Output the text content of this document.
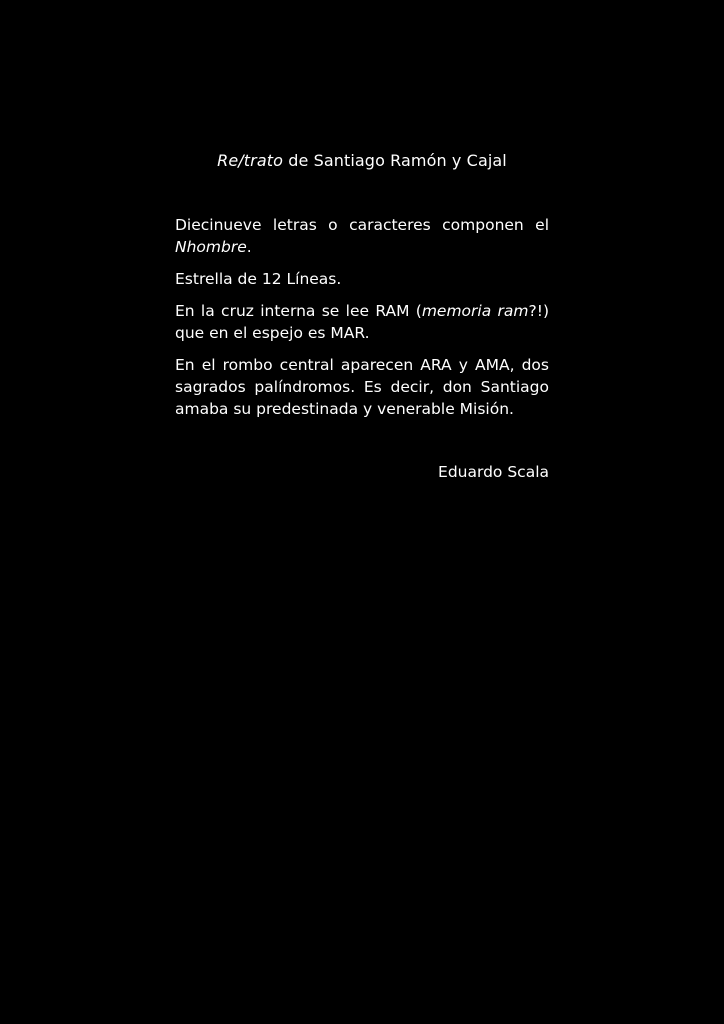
Re/trato de Santiago Ramón y Cajal

Diecinueve letras o caracteres componen el

Nhombre.

Estrella de 12 Líneas.

En la cruz interna se lee RAM (memoria ram?!) que en el espejo es MAR.

En el rombo central aparecen ARA y AMA, dos sagrados palíndromos. Es decir, don Santiago amaba su predestinada y venerable Misión.

Eduardo Scala
